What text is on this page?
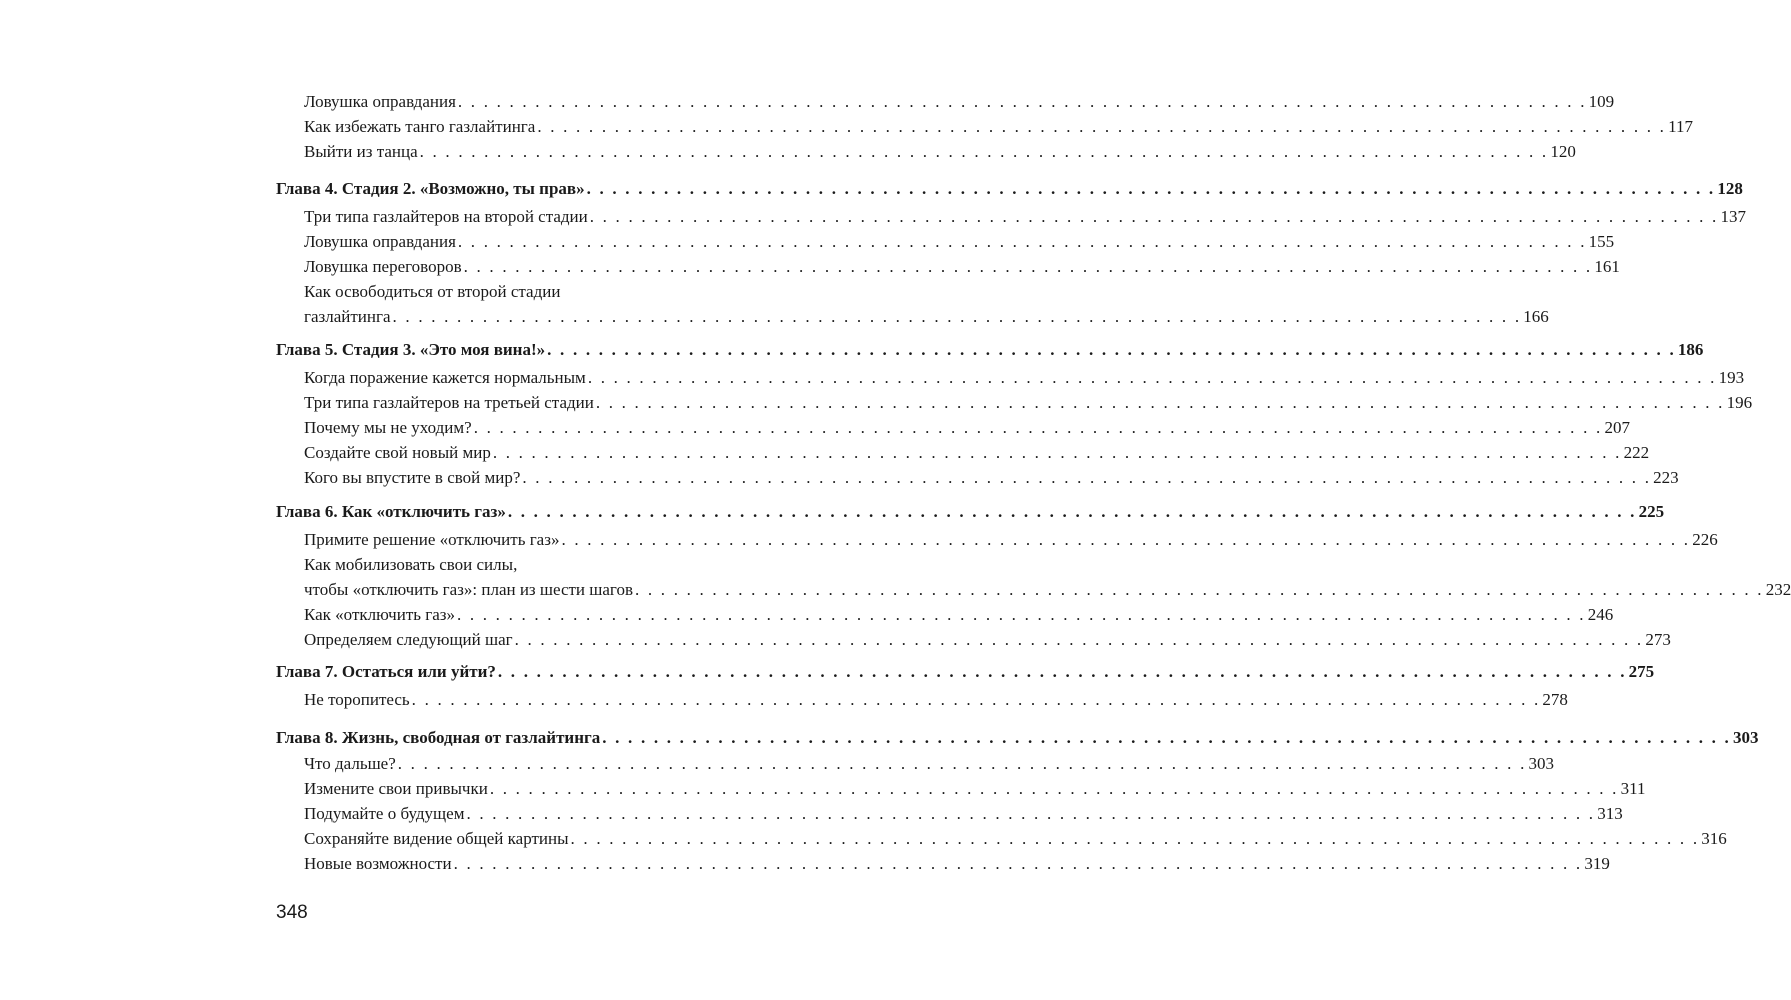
Ловушка оправдания . . . . . . . . . . . . . . . . . . . . . . . . . . . . . . . . . . . . . . . . . . . . . . . . . . . . . . . . . . . . . . . . . . . . . . . . . . . . . . . . . . . . . . . . 109
Как избежать танго газлайтинга . . . . . . . . . . . . . . . . . . . . . . . . . . . . . . . . . . . . . . . . . . . . . . . . . . . . . . . . . . . . . . . . . . . . . . . . . . . . . . . . . . . . . . . . 117
Выйти из танца . . . . . . . . . . . . . . . . . . . . . . . . . . . . . . . . . . . . . . . . . . . . . . . . . . . . . . . . . . . . . . . . . . . . . . . . . . . . . . . . . . . . . . . . 120
Глава 4. Стадия 2. «Возможно, ты прав» . . . . . . . . . . . . . . . . . . . . . . . . . . . . . . . . . . . . . . . . . . . . . . . . . . . . . . . . . . . . . . . . . . . . . . . . . . . . . . . . . . . . . . . . 128
Три типа газлайтеров на второй стадии . . . . . . . . . . . . . . . . . . . . . . . . . . . . . . . . . . . . . . . . . . . . . . . . . . . . . . . . . . . . . . . . . . . . . . . . . . . . . . . . . . . . . . . . 137
Ловушка оправдания . . . . . . . . . . . . . . . . . . . . . . . . . . . . . . . . . . . . . . . . . . . . . . . . . . . . . . . . . . . . . . . . . . . . . . . . . . . . . . . . . . . . . . . . 155
Ловушка переговоров . . . . . . . . . . . . . . . . . . . . . . . . . . . . . . . . . . . . . . . . . . . . . . . . . . . . . . . . . . . . . . . . . . . . . . . . . . . . . . . . . . . . . . . . 161
Как освободиться от второй стадии
газлайтинга . . . . . . . . . . . . . . . . . . . . . . . . . . . . . . . . . . . . . . . . . . . . . . . . . . . . . . . . . . . . . . . . . . . . . . . . . . . . . . . . . . . . . . . . 166
Глава 5. Стадия 3. «Это моя вина!» . . . . . . . . . . . . . . . . . . . . . . . . . . . . . . . . . . . . . . . . . . . . . . . . . . . . . . . . . . . . . . . . . . . . . . . . . . . . . . . . . . . . . . . . 186
Когда поражение кажется нормальным . . . . . . . . . . . . . . . . . . . . . . . . . . . . . . . . . . . . . . . . . . . . . . . . . . . . . . . . . . . . . . . . . . . . . . . . . . . . . . . . . . . . . . . . 193
Три типа газлайтеров на третьей стадии . . . . . . . . . . . . . . . . . . . . . . . . . . . . . . . . . . . . . . . . . . . . . . . . . . . . . . . . . . . . . . . . . . . . . . . . . . . . . . . . . . . . . . . . 196
Почему мы не уходим? . . . . . . . . . . . . . . . . . . . . . . . . . . . . . . . . . . . . . . . . . . . . . . . . . . . . . . . . . . . . . . . . . . . . . . . . . . . . . . . . . . . . . . . . 207
Создайте свой новый мир . . . . . . . . . . . . . . . . . . . . . . . . . . . . . . . . . . . . . . . . . . . . . . . . . . . . . . . . . . . . . . . . . . . . . . . . . . . . . . . . . . . . . . . . 222
Кого вы впустите в свой мир? . . . . . . . . . . . . . . . . . . . . . . . . . . . . . . . . . . . . . . . . . . . . . . . . . . . . . . . . . . . . . . . . . . . . . . . . . . . . . . . . . . . . . . . . 223
Глава 6. Как «отключить газ» . . . . . . . . . . . . . . . . . . . . . . . . . . . . . . . . . . . . . . . . . . . . . . . . . . . . . . . . . . . . . . . . . . . . . . . . . . . . . . . . . . . . . . . . 225
Примите решение «отключить газ» . . . . . . . . . . . . . . . . . . . . . . . . . . . . . . . . . . . . . . . . . . . . . . . . . . . . . . . . . . . . . . . . . . . . . . . . . . . . . . . . . . . . . . . . 226
Как мобилизовать свои силы,
чтобы «отключить газ»: план из шести шагов . . . . . . . . . . . . . . . . . . . . . . . . . . . . . . . . . . . . . . . . . . . . . . . . . . . . . . . . . . . . . . . . . . . . . . . . . . . . . . . . . . . . . . . . 232
Как «отключить газ» . . . . . . . . . . . . . . . . . . . . . . . . . . . . . . . . . . . . . . . . . . . . . . . . . . . . . . . . . . . . . . . . . . . . . . . . . . . . . . . . . . . . . . . . 246
Определяем следующий шаг . . . . . . . . . . . . . . . . . . . . . . . . . . . . . . . . . . . . . . . . . . . . . . . . . . . . . . . . . . . . . . . . . . . . . . . . . . . . . . . . . . . . . . . . 273
Глава 7. Остаться или уйти? . . . . . . . . . . . . . . . . . . . . . . . . . . . . . . . . . . . . . . . . . . . . . . . . . . . . . . . . . . . . . . . . . . . . . . . . . . . . . . . . . . . . . . . . 275
Не торопитесь . . . . . . . . . . . . . . . . . . . . . . . . . . . . . . . . . . . . . . . . . . . . . . . . . . . . . . . . . . . . . . . . . . . . . . . . . . . . . . . . . . . . . . . . 278
Глава 8. Жизнь, свободная от газлайтинга . . . . . . . . . . . . . . . . . . . . . . . . . . . . . . . . . . . . . . . . . . . . . . . . . . . . . . . . . . . . . . . . . . . . . . . . . . . . . . . . . . . . . . . . 303
Что дальше? . . . . . . . . . . . . . . . . . . . . . . . . . . . . . . . . . . . . . . . . . . . . . . . . . . . . . . . . . . . . . . . . . . . . . . . . . . . . . . . . . . . . . . . . 303
Измените свои привычки . . . . . . . . . . . . . . . . . . . . . . . . . . . . . . . . . . . . . . . . . . . . . . . . . . . . . . . . . . . . . . . . . . . . . . . . . . . . . . . . . . . . . . . . 311
Подумайте о будущем . . . . . . . . . . . . . . . . . . . . . . . . . . . . . . . . . . . . . . . . . . . . . . . . . . . . . . . . . . . . . . . . . . . . . . . . . . . . . . . . . . . . . . . . 313
Сохраняйте видение общей картины . . . . . . . . . . . . . . . . . . . . . . . . . . . . . . . . . . . . . . . . . . . . . . . . . . . . . . . . . . . . . . . . . . . . . . . . . . . . . . . . . . . . . . . . 316
Новые возможности . . . . . . . . . . . . . . . . . . . . . . . . . . . . . . . . . . . . . . . . . . . . . . . . . . . . . . . . . . . . . . . . . . . . . . . . . . . . . . . . . . . . . . . . 319
348
